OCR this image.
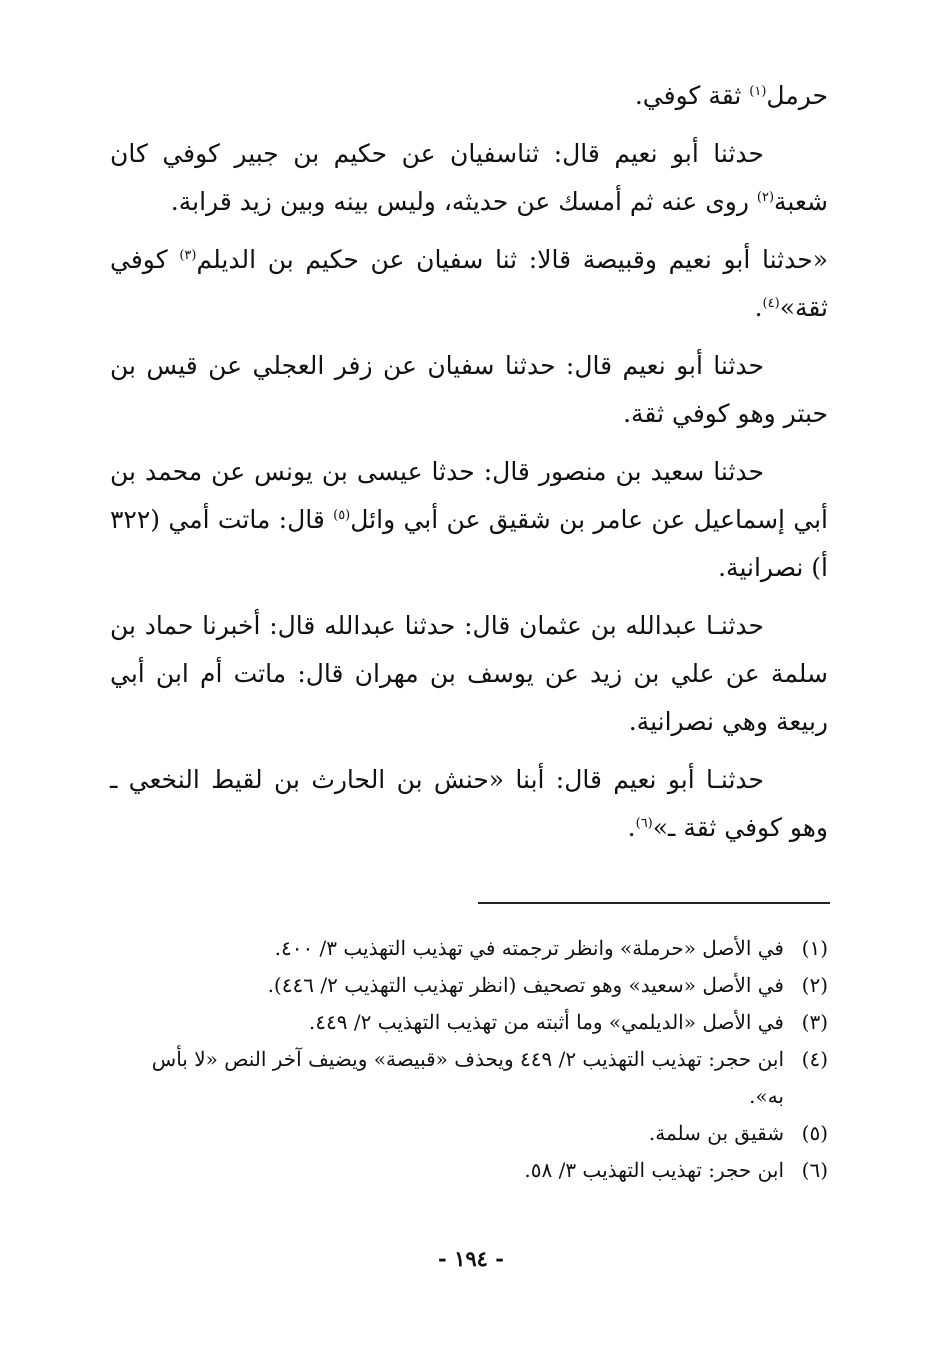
حرمل$^{(١)}$ ثقة كوفي.

حدثنا أبو نعيم قال: ثناسفيان عن حكيم بن جبير كوفي كان شعبة$^{(٢)}$ روى عنه ثم أمسك عن حديثه، وليس بينه وبين زيد قرابة.

«حدثنا أبو نعيم وقبيصة قالا: ثنا سفيان عن حكيم بن الديلم$^{(٣)}$ كوفي ثقة»$^{(٤)}$.

حدثنا أبو نعيم قال: حدثنا سفيان عن زفر العجلي عن قيس بن حبتر وهو كوفي ثقة.

حدثنا سعيد بن منصور قال: حدثا عيسى بن يونس عن محمد بن أبي إسماعيل عن عامر بن شقيق عن أبي وائل$^{(٥)}$ قال: ماتت أمي (٣٢٢ أ) نصرانية.

حدثنـا عبدالله بن عثمان قال: حدثنا عبدالله قال: أخبرنا حماد بن سلمة عن علي بن زيد عن يوسف بن مهران قال: ماتت أم ابن أبي ربيعة وهي نصرانية.

حدثنـا أبو نعيم قال: أبنا «حنش بن الحارث بن لقيط النخعي ـ وهو كوفي ثقة ـ»$^{(٦)}$.

(١)
في الأصل «حرملة» وانظر ترجمته في تهذيب التهذيب ٣/ ٤٠٠.
(٢)
في الأصل «سعيد» وهو تصحيف (انظر تهذيب التهذيب ٢/ ٤٤٦).
(٣)
في الأصل «الديلمي» وما أثبته من تهذيب التهذيب ٢/ ٤٤٩.
(٤)
ابن حجر: تهذيب التهذيب ٢/ ٤٤٩ ويحذف «قبيصة» ويضيف آخر النص «لا بأس به».
(٥)
شقيق بن سلمة.
(٦)
ابن حجر: تهذيب التهذيب ٣/ ٥٨.
- ١٩٤ -
